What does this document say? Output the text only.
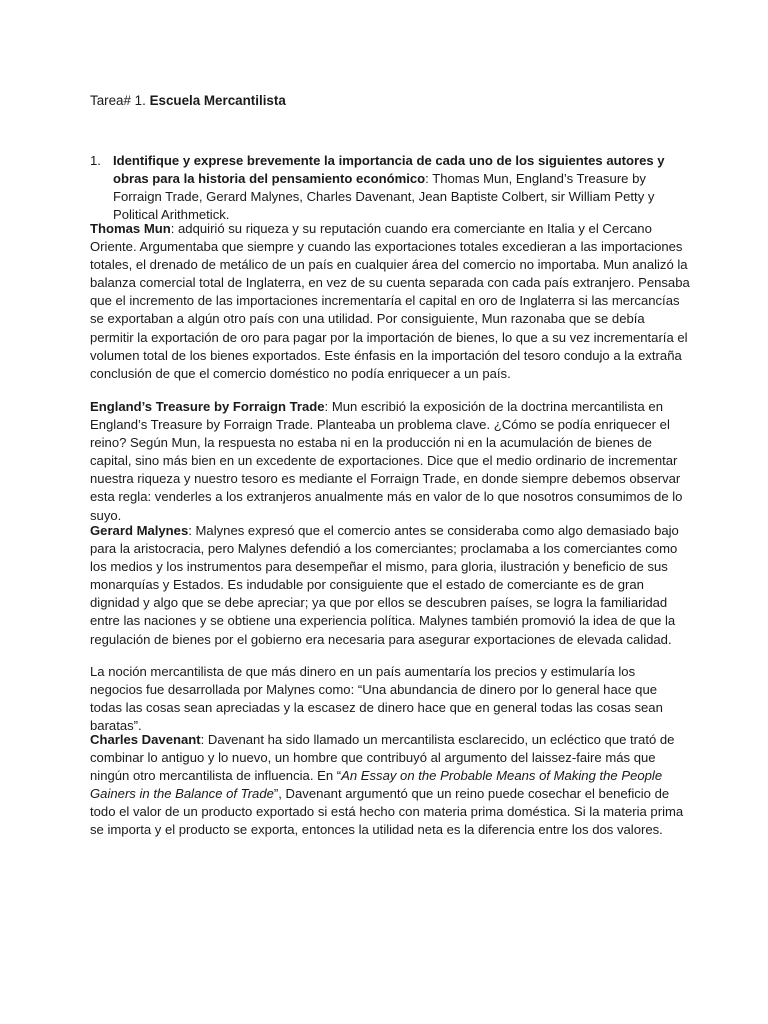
Tarea# 1. Escuela Mercantilista
1. Identifique y exprese brevemente la importancia de cada uno de los siguientes autores y obras para la historia del pensamiento económico: Thomas Mun, England’s Treasure by Forraign Trade, Gerard Malynes, Charles Davenant, Jean Baptiste Colbert, sir William Petty y Political Arithmetick.

Thomas Mun: adquirió su riqueza y su reputación cuando era comerciante en Italia y el Cercano Oriente. Argumentaba que siempre y cuando las exportaciones totales excedieran a las importaciones totales, el drenado de metálico de un país en cualquier área del comercio no importaba. Mun analizó la balanza comercial total de Inglaterra, en vez de su cuenta separada con cada país extranjero. Pensaba que el incremento de las importaciones incrementaría el capital en oro de Inglaterra si las mercancías se exportaban a algún otro país con una utilidad. Por consiguiente, Mun razonaba que se debía permitir la exportación de oro para pagar por la importación de bienes, lo que a su vez incrementaría el volumen total de los bienes exportados. Este énfasis en la importación del tesoro condujo a la extraña conclusión de que el comercio doméstico no podía enriquecer a un país.

England’s Treasure by Forraign Trade: Mun escribió la exposición de la doctrina mercantilista en England’s Treasure by Forraign Trade. Planteaba un problema clave. ¿Cómo se podía enriquecer el reino? Según Mun, la respuesta no estaba ni en la producción ni en la acumulación de bienes de capital, sino más bien en un excedente de exportaciones. Dice que el medio ordinario de incrementar nuestra riqueza y nuestro tesoro es mediante el Forraign Trade, en donde siempre debemos observar esta regla: venderles a los extranjeros anualmente más en valor de lo que nosotros consumimos de lo suyo.

Gerard Malynes: Malynes expresó que el comercio antes se consideraba como algo demasiado bajo para la aristocracia, pero Malynes defendió a los comerciantes; proclamaba a los comerciantes como los medios y los instrumentos para desempeñar el mismo, para gloria, ilustración y beneficio de sus monarquías y Estados. Es indudable por consiguiente que el estado de comerciante es de gran dignidad y algo que se debe apreciar; ya que por ellos se descubren países, se logra la familiaridad entre las naciones y se obtiene una experiencia política. Malynes también promovió la idea de que la regulación de bienes por el gobierno era necesaria para asegurar exportaciones de elevada calidad.

La noción mercantilista de que más dinero en un país aumentaría los precios y estimularía los negocios fue desarrollada por Malynes como: “Una abundancia de dinero por lo general hace que todas las cosas sean apreciadas y la escasez de dinero hace que en general todas las cosas sean baratas”.

Charles Davenant: Davenant ha sido llamado un mercantilista esclarecido, un ecléctico que trató de combinar lo antiguo y lo nuevo, un hombre que contribuyó al argumento del laissez-faire más que ningún otro mercantilista de influencia. En “An Essay on the Probable Means of Making the People Gainers in the Balance of Trade”, Davenant argumentó que un reino puede cosechar el beneficio de todo el valor de un producto exportado si está hecho con materia prima doméstica. Si la materia prima se importa y el producto se exporta, entonces la utilidad neta es la diferencia entre los dos valores.
